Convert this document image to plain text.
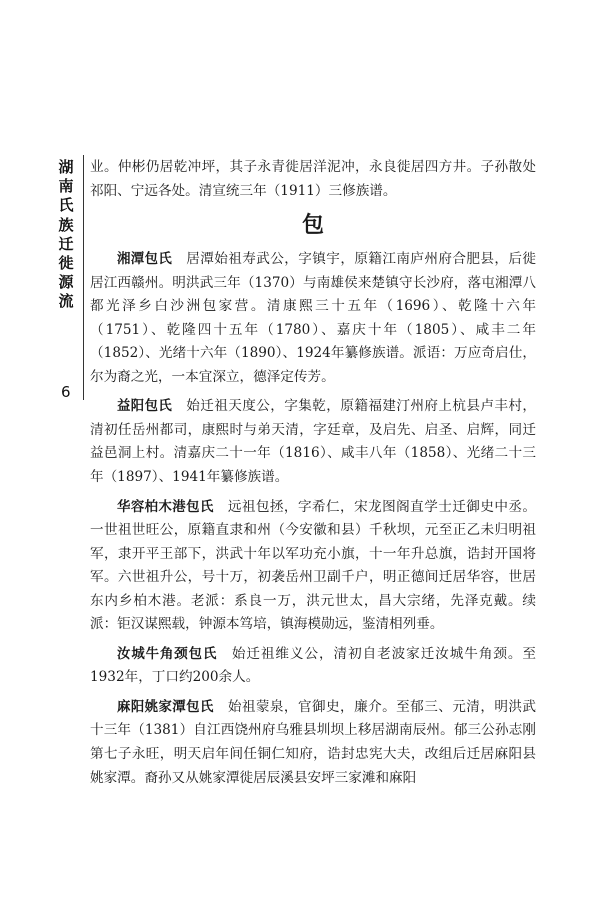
湖南氏族迁徙源流
6

业。仲彬仍居乾冲坪，其子永青徙居洋泥冲，永良徙居四方井。子孙散处祁阳、宁远各处。清宣统三年（1911）三修族谱。

包

湘潭包氏　 居潭始祖寿武公，字镇宇，原籍江南庐州府合肥县，后徙居江西赣州。明洪武三年（1370）与南雄侯来楚镇守长沙府，落屯湘潭八都光泽乡白沙洲包家营。清康熙三十五年（1696）、乾隆十六年（1751）、乾隆四十五年（1780）、嘉庆十年（1805）、咸丰二年（1852）、光绪十六年（1890）、1924年纂修族谱。派语：万应奇启仕，尔为裔之光，一本宜深立，德泽定传芳。

益阳包氏　 始迁祖天度公，字集乾，原籍福建汀州府上杭县卢丰村，清初任岳州都司，康熙时与弟天清，字廷章，及启先、启圣、启辉，同迁益邑洞上村。清嘉庆二十一年（1816）、咸丰八年（1858）、光绪二十三年（1897）、1941年纂修族谱。

华容柏木港包氏　 远祖包拯，字希仁，宋龙图阁直学士迁御史中丞。一世祖世旺公，原籍直隶和州（今安徽和县）千秋坝，元至正乙未归明祖军，隶开平王部下，洪武十年以军功充小旗，十一年升总旗，诰封开国将军。六世祖升公，号十万，初袭岳州卫副千户，明正德间迁居华容，世居东内乡柏木港。老派：系良一万，洪元世太，昌大宗绪，先泽克戴。续派：钜汉谋熙载，钟源本笃培，镇海模勋远，鉴清相列垂。

汝城牛角颈包氏　 始迁祖维义公，清初自老波家迁汝城牛角颈。至1932年，丁口约200余人。

麻阳姚家潭包氏　 始祖蒙泉，官御史，廉介。至郁三、元清，明洪武十三年（1381）自江西饶州府乌雅县圳坝上移居湖南辰州。郁三公孙志刚第七子永旺，明天启年间任铜仁知府，诰封忠宪大夫，改组后迁居麻阳县姚家潭。裔孙又从姚家潭徙居辰溪县安坪三家滩和麻阳
